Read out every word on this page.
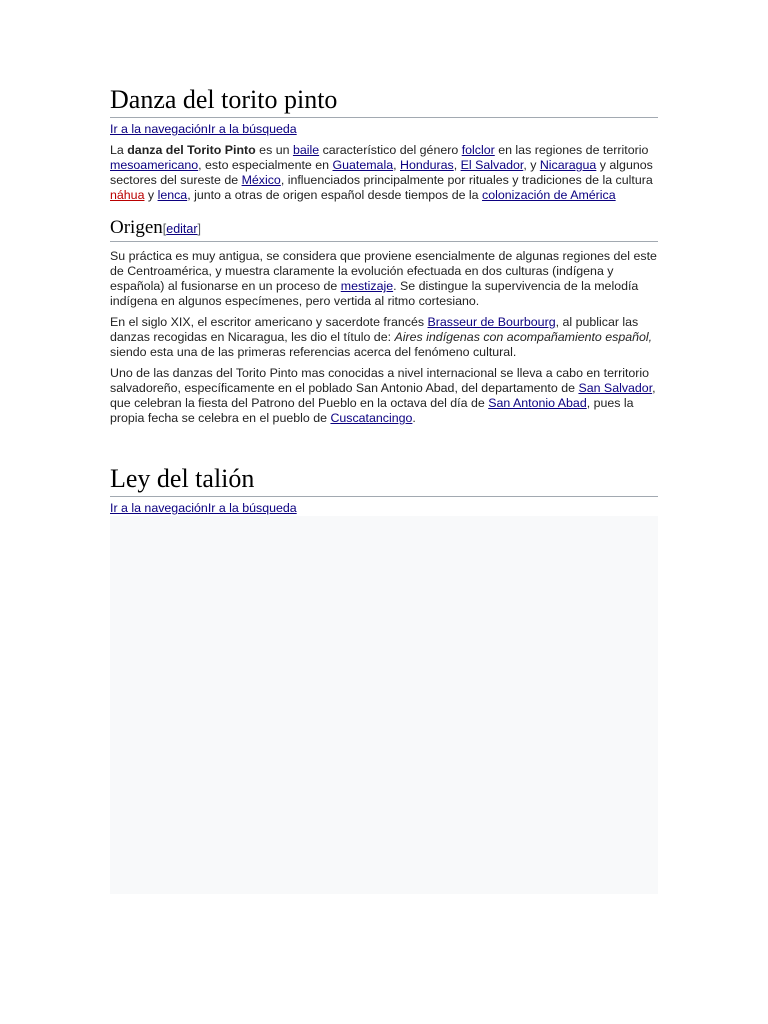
Danza del torito pinto
Ir a la navegaciónIr a la búsqueda

La danza del Torito Pinto es un baile característico del género folclor en las regiones de territorio mesoamericano, esto especialmente en Guatemala, Honduras, El Salvador, y Nicaragua y algunos sectores del sureste de México, influenciados principalmente por rituales y tradiciones de la cultura náhua y lenca, junto a otras de origen español desde tiempos de la colonización de América

Origen[editar]

Su práctica es muy antigua, se considera que proviene esencialmente de algunas regiones del este de Centroamérica, y muestra claramente la evolución efectuada en dos culturas (indígena y española) al fusionarse en un proceso de mestizaje. Se distingue la supervivencia de la melodía indígena en algunos especímenes, pero vertida al ritmo cortesiano.

En el siglo XIX, el escritor americano y sacerdote francés Brasseur de Bourbourg, al publicar las danzas recogidas en Nicaragua, les dio el título de: Aires indígenas con acompañamiento español, siendo esta una de las primeras referencias acerca del fenómeno cultural.

Uno de las danzas del Torito Pinto mas conocidas a nivel internacional se lleva a cabo en territorio salvadoreño, específicamente en el poblado San Antonio Abad, del departamento de San Salvador, que celebran la fiesta del Patrono del Pueblo en la octava del día de San Antonio Abad, pues la propia fecha se celebra en el pueblo de Cuscatancingo.

Ley del talión
Ir a la navegaciónIr a la búsqueda
